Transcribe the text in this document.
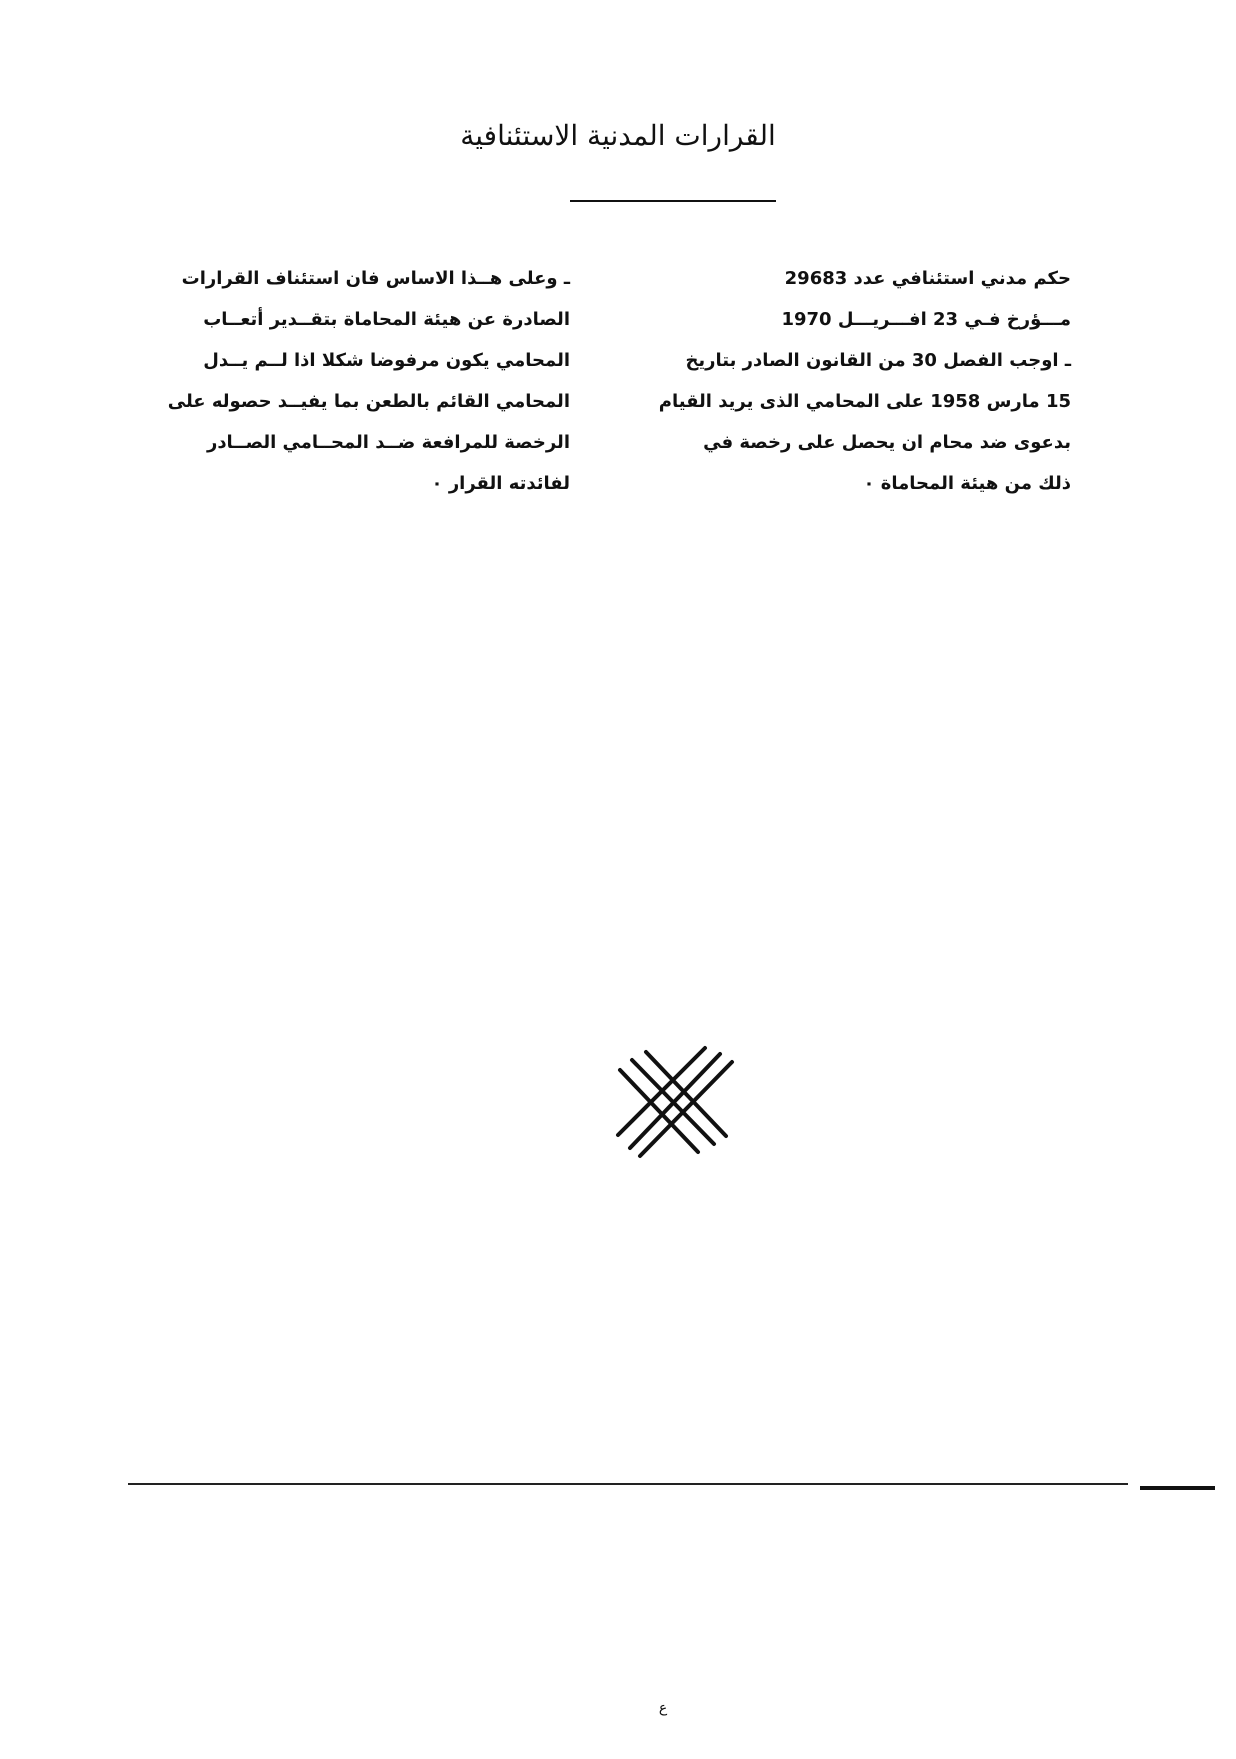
القرارات المدنية الاستئنافية
حكم مدني استئنافي عدد 29683
مـــؤرخ فـي 23 افـــريـــل 1970
ـ اوجب الفصل 30 من القانون الصادر بتاريخ
15 مارس 1958 على المحامي الذى يريد القيام
بدعوى ضد محام ان يحصل على رخصة في
ذلك من هيئة المحاماة ٠
ـ وعلى هــذا الاساس فان استئناف القرارات
الصادرة عن هيئة المحاماة بتقــدير أتعــاب
المحامي يكون مرفوضا شكلا اذا لــم يــدل
المحامي القائم بالطعن بما يفيــد حصوله على
الرخصة للمرافعة ضــد المحــامي الصــادر
لفائدته القرار ٠
ع
